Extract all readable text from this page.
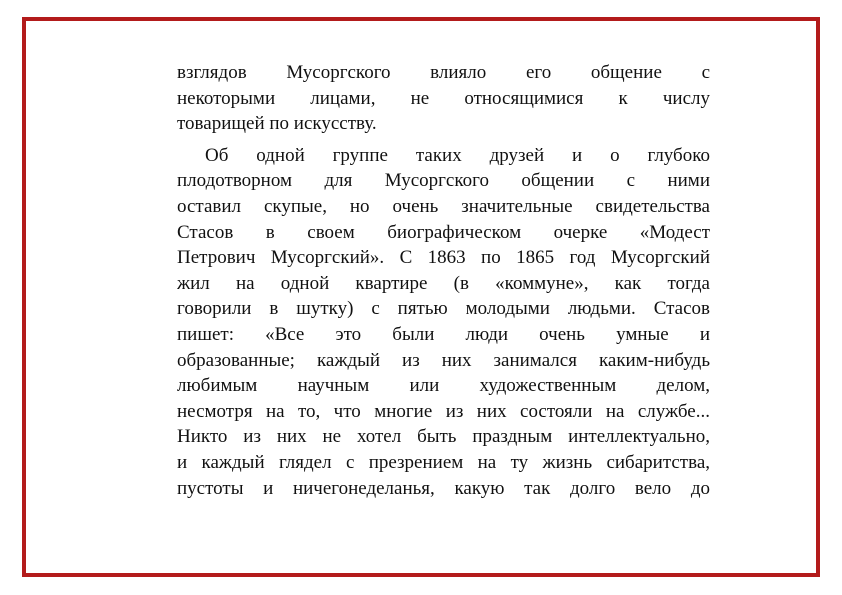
взглядов Мусоргского влияло его общение с
некоторыми лицами, не относящимися к числу
товарищей по искусству.
Об одной группе таких друзей и о глубоко
плодотворном для Мусоргского общении с ними
оставил скупые, но очень значительные свидетельства
Стасов в своем биографическом очерке «Модест
Петрович Мусоргский». С 1863 по 1865 год Мусоргский
жил на одной квартире (в «коммуне», как тогда
говорили в шутку) с пятью молодыми людьми. Стасов
пишет: «Все это были люди очень умные и
образованные; каждый из них занимался каким-нибудь
любимым научным или художественным делом,
несмотря на то, что многие из них состояли на службе...
Никто из них не хотел быть праздным интеллектуально,
и каждый глядел с презрением на ту жизнь сибаритства,
пустоты и ничегонеделанья, какую так долго вело до
